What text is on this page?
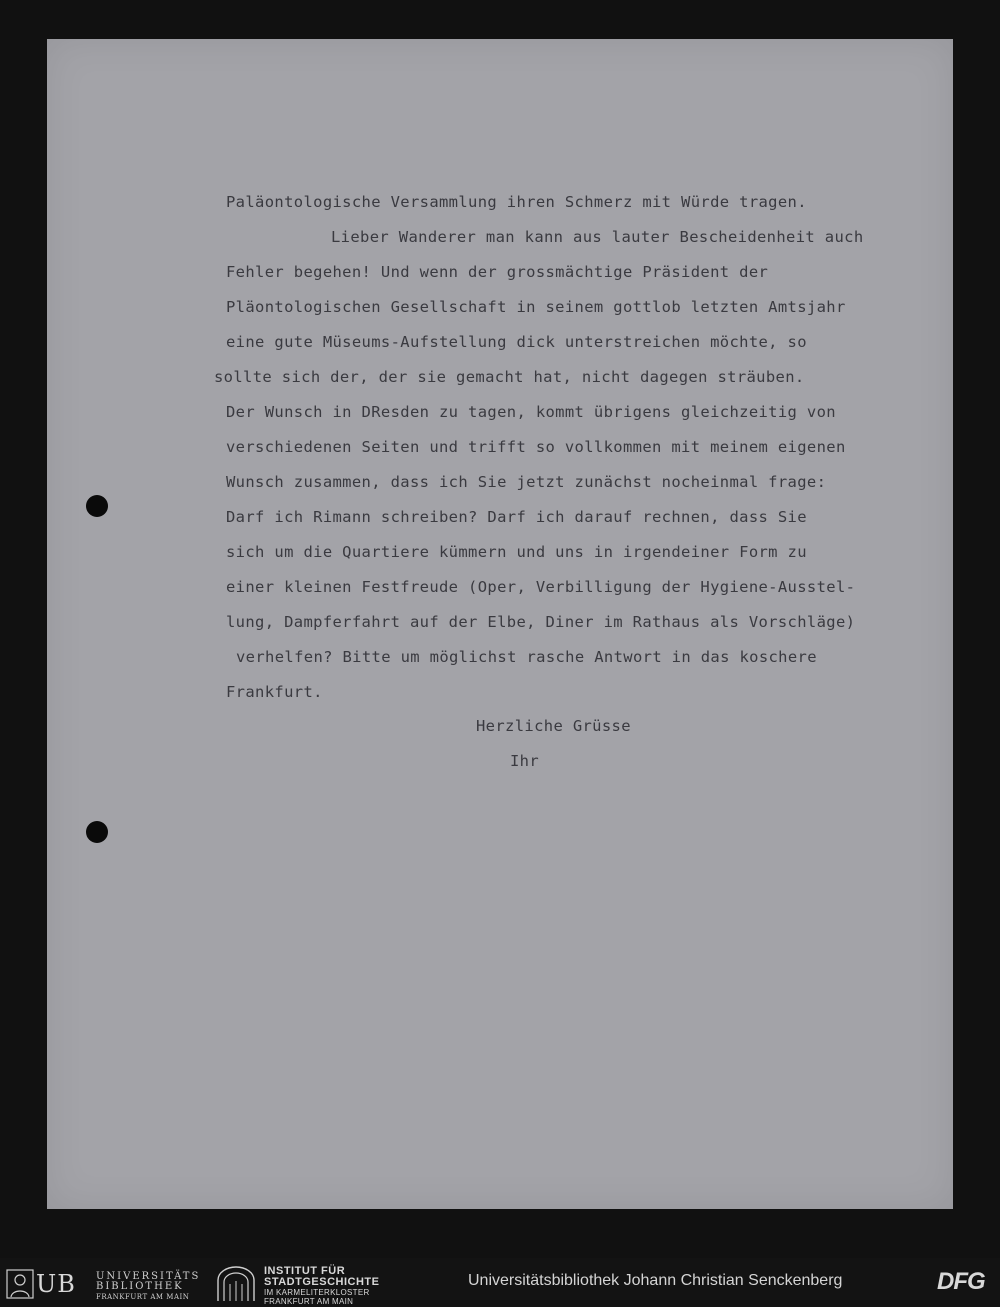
Paläontologische Versammlung ihren Schmerz mit Würde tragen.

Lieber Wanderer man kann aus lauter Bescheidenheit auch

Fehler begehen! Und wenn der grossmächtige Präsident der

Pläontologischen Gesellschaft in seinem gottlob letzten Amtsjahr

eine gute Müseums-Aufstellung dick unterstreichen möchte, so

sollte sich der, der sie gemacht hat, nicht dagegen sträuben.

Der Wunsch in DResden zu tagen, kommt übrigens gleichzeitig von

verschiedenen Seiten und trifft so vollkommen mit meinem eigenen

Wunsch zusammen, dass ich Sie jetzt zunächst nocheinmal frage:

Darf ich Rimann schreiben? Darf ich darauf rechnen, dass Sie

sich um die Quartiere kümmern und uns in irgendeiner Form zu

einer kleinen Festfreude (Oper, Verbilligung der Hygiene-Ausstel-

lung, Dampferfahrt auf der Elbe, Diner im Rathaus als Vorschläge)

verhelfen? Bitte um möglichst rasche Antwort in das koschere

Frankfurt.

Herzliche Grüsse

Ihr

UB UNIVERSITÄTS
BIBLIOTHEK
FRANKFURT AM MAIN
INSTITUT FÜR
STADTGESCHICHTE
IM KARMELITERKLOSTER
FRANKFURT AM MAIN
Universitätsbibliothek Johann Christian Senckenberg	DFG
